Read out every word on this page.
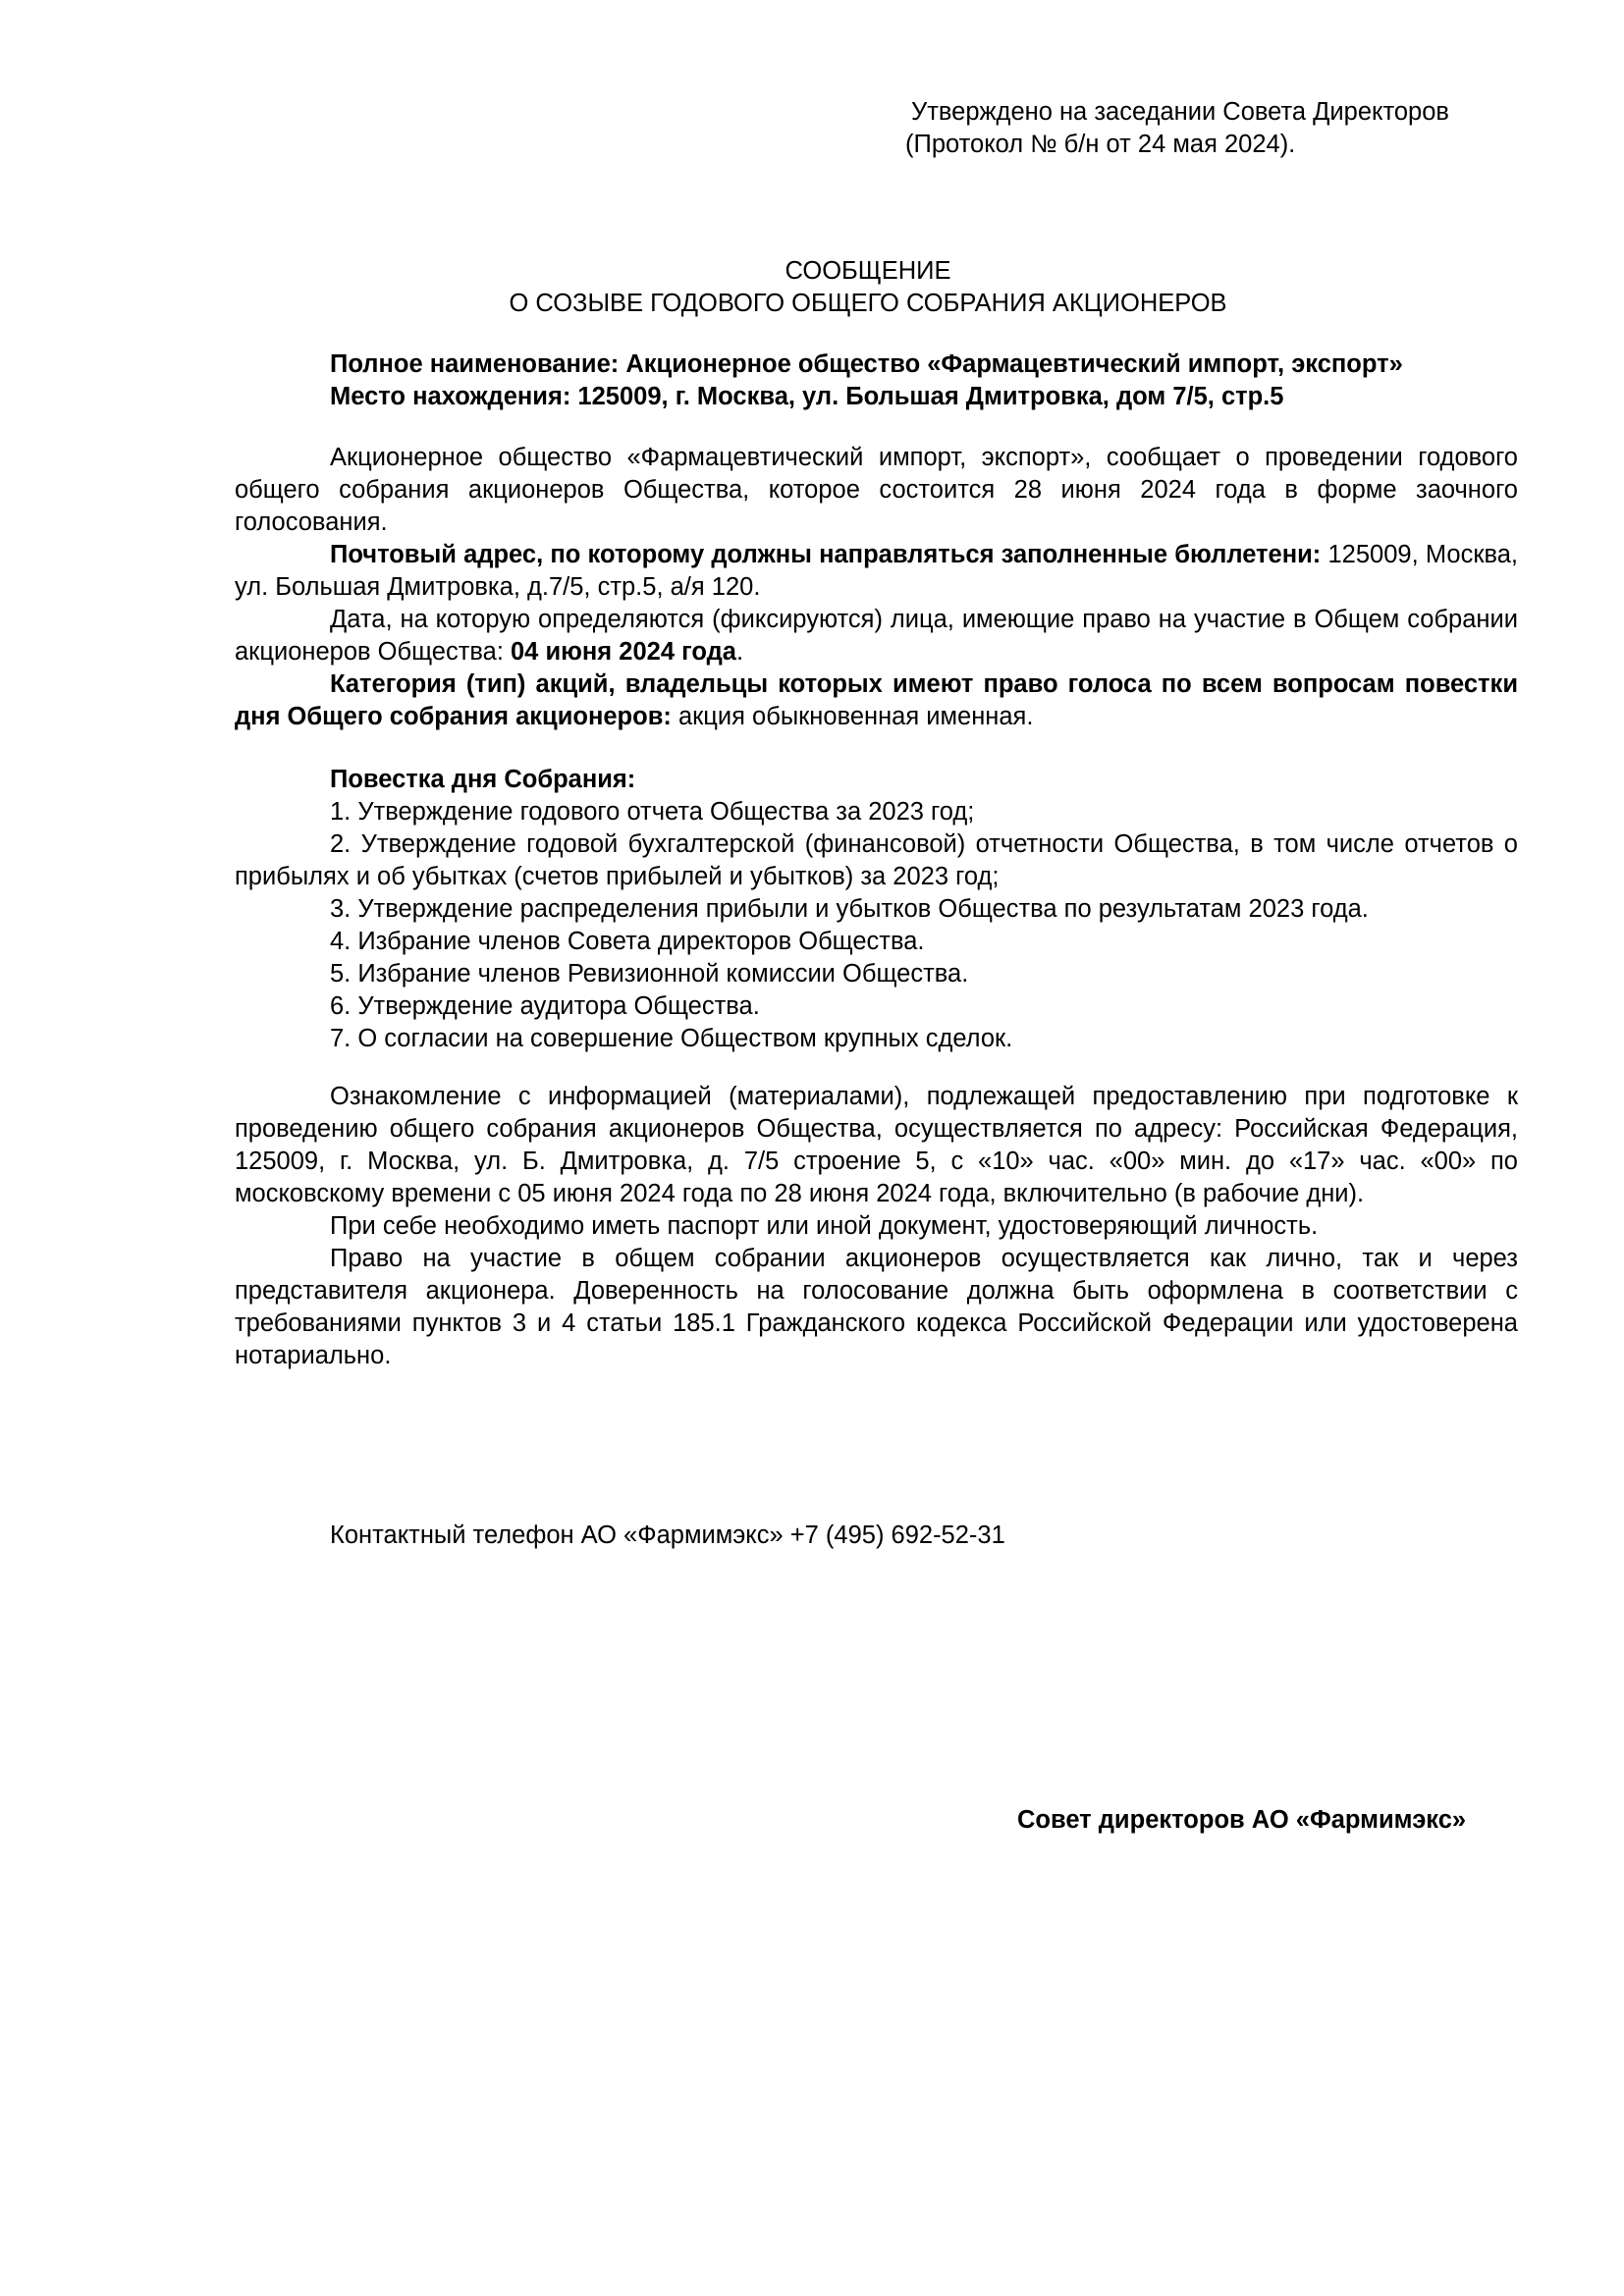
Утверждено на заседании Совета Директоров
(Протокол № б/н от 24 мая 2024).
СООБЩЕНИЕ
О СОЗЫВЕ ГОДОВОГО ОБЩЕГО СОБРАНИЯ АКЦИОНЕРОВ
Полное наименование: Акционерное общество «Фармацевтический импорт, экспорт»
Место нахождения: 125009, г. Москва, ул. Большая Дмитровка, дом 7/5, стр.5

Акционерное общество «Фармацевтический импорт, экспорт», сообщает о проведении годового общего собрания акционеров Общества, которое состоится 28 июня 2024 года в форме заочного голосования.

Почтовый адрес, по которому должны направляться заполненные бюллетени: 125009, Москва, ул. Большая Дмитровка, д.7/5, стр.5, а/я 120.

Дата, на которую определяются (фиксируются) лица, имеющие право на участие в Общем собрании акционеров Общества: 04 июня 2024 года.

Категория (тип) акций, владельцы которых имеют право голоса по всем вопросам повестки дня Общего собрания акционеров: акция обыкновенная именная.

Повестка дня Собрания:

1. Утверждение годового отчета Общества за 2023 год;

2. Утверждение годовой бухгалтерской (финансовой) отчетности Общества, в том числе отчетов о прибылях и об убытках (счетов прибылей и убытков) за 2023 год;

3. Утверждение распределения прибыли и убытков Общества по результатам 2023 года.

4. Избрание членов Совета директоров Общества.

5. Избрание членов Ревизионной комиссии Общества.

6. Утверждение аудитора Общества.

7. О согласии на совершение Обществом крупных сделок.

Ознакомление с информацией (материалами), подлежащей предоставлению при подготовке к проведению общего собрания акционеров Общества, осуществляется по адресу: Российская Федерация, 125009, г. Москва, ул. Б. Дмитровка, д. 7/5 строение 5, с «10» час. «00» мин. до «17» час. «00» по московскому времени с 05 июня 2024 года по 28 июня 2024 года, включительно (в рабочие дни).

При себе необходимо иметь паспорт или иной документ, удостоверяющий личность.

Право на участие в общем собрании акционеров осуществляется как лично, так и через представителя акционера. Доверенность на голосование должна быть оформлена в соответствии с требованиями пунктов 3 и 4 статьи 185.1 Гражданского кодекса Российской Федерации или удостоверена нотариально.

Контактный телефон АО «Фармимэкс» +7 (495) 692-52-31
Совет директоров АО «Фармимэкс»
